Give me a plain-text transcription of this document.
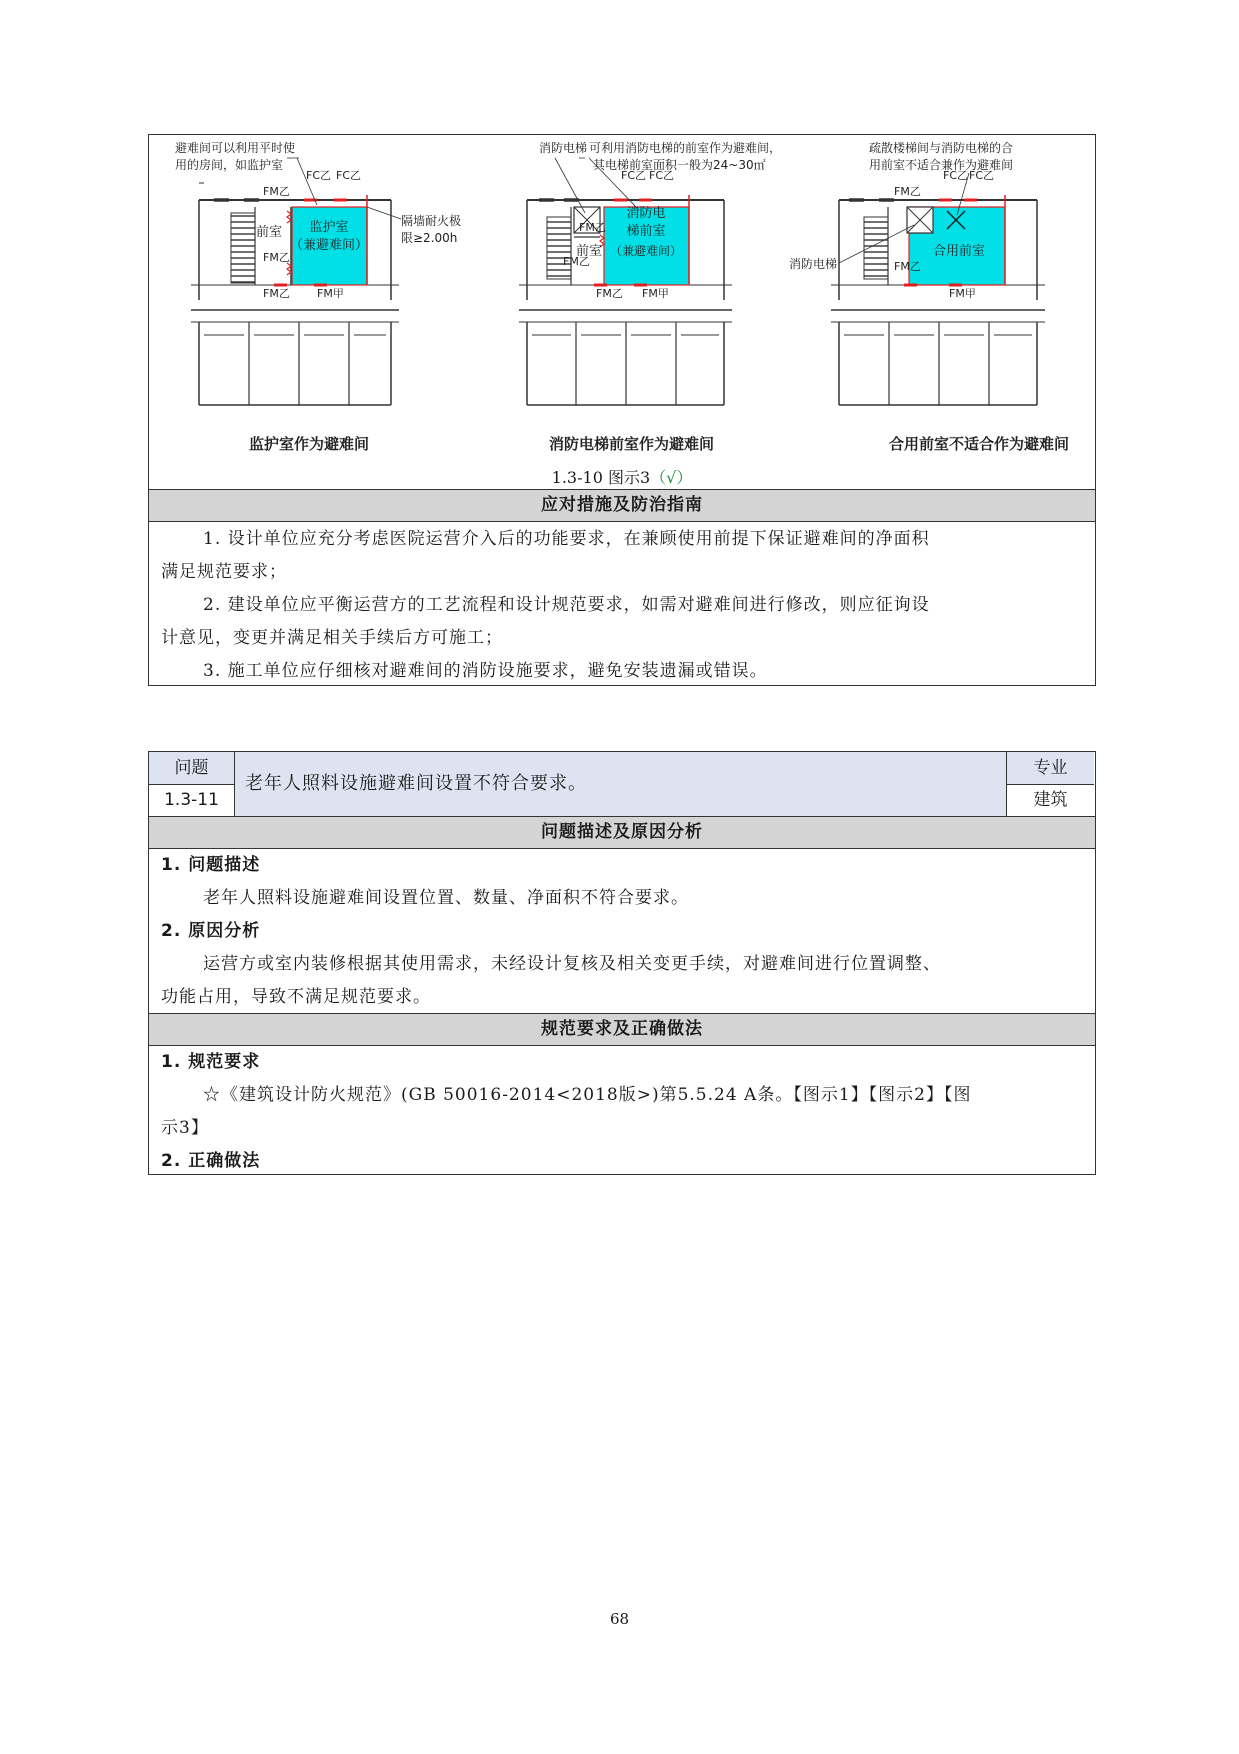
前室 监护室
（兼避难间）
FC乙 FC乙
FM乙
FM乙
FM乙 FM甲
避难间可以利用平时使
用的房间，如监护室
隔墙耐火极
限≥2.00h
前室
消防电
梯前室
（兼避难间）
FC乙 FC乙
FM乙
FM乙
FM乙 FM甲
消防电梯 可利用消防电梯的前室作为避难间，
其电梯前室面积一般为24~30㎡
合用前室
FC乙 FC乙
FM乙
FM乙
FM甲
疏散楼梯间与消防电梯的合
用前室不适合兼作为避难间
消防电梯
监护室作为避难间	消防电梯前室作为避难间	合用前室不适合作为避难间
1.3-10 图示3（√）
应对措施及防治指南
1. 设计单位应充分考虑医院运营介入后的功能要求，在兼顾使用前提下保证避难间的净面积
满足规范要求；
2. 建设单位应平衡运营方的工艺流程和设计规范要求，如需对避难间进行修改，则应征询设
计意见，变更并满足相关手续后方可施工；
3. 施工单位应仔细核对避难间的消防设施要求，避免安装遗漏或错误。
问题
1.3-11
老年人照料设施避难间设置不符合要求。
专业
建筑
问题描述及原因分析
1. 问题描述
老年人照料设施避难间设置位置、数量、净面积不符合要求。
2. 原因分析
运营方或室内装修根据其使用需求，未经设计复核及相关变更手续，对避难间进行位置调整、
功能占用，导致不满足规范要求。
规范要求及正确做法
1. 规范要求
☆《建筑设计防火规范》(GB 50016-2014<2018版>)第5.5.24 A条。【图示1】【图示2】【图
示3】
2. 正确做法
68
